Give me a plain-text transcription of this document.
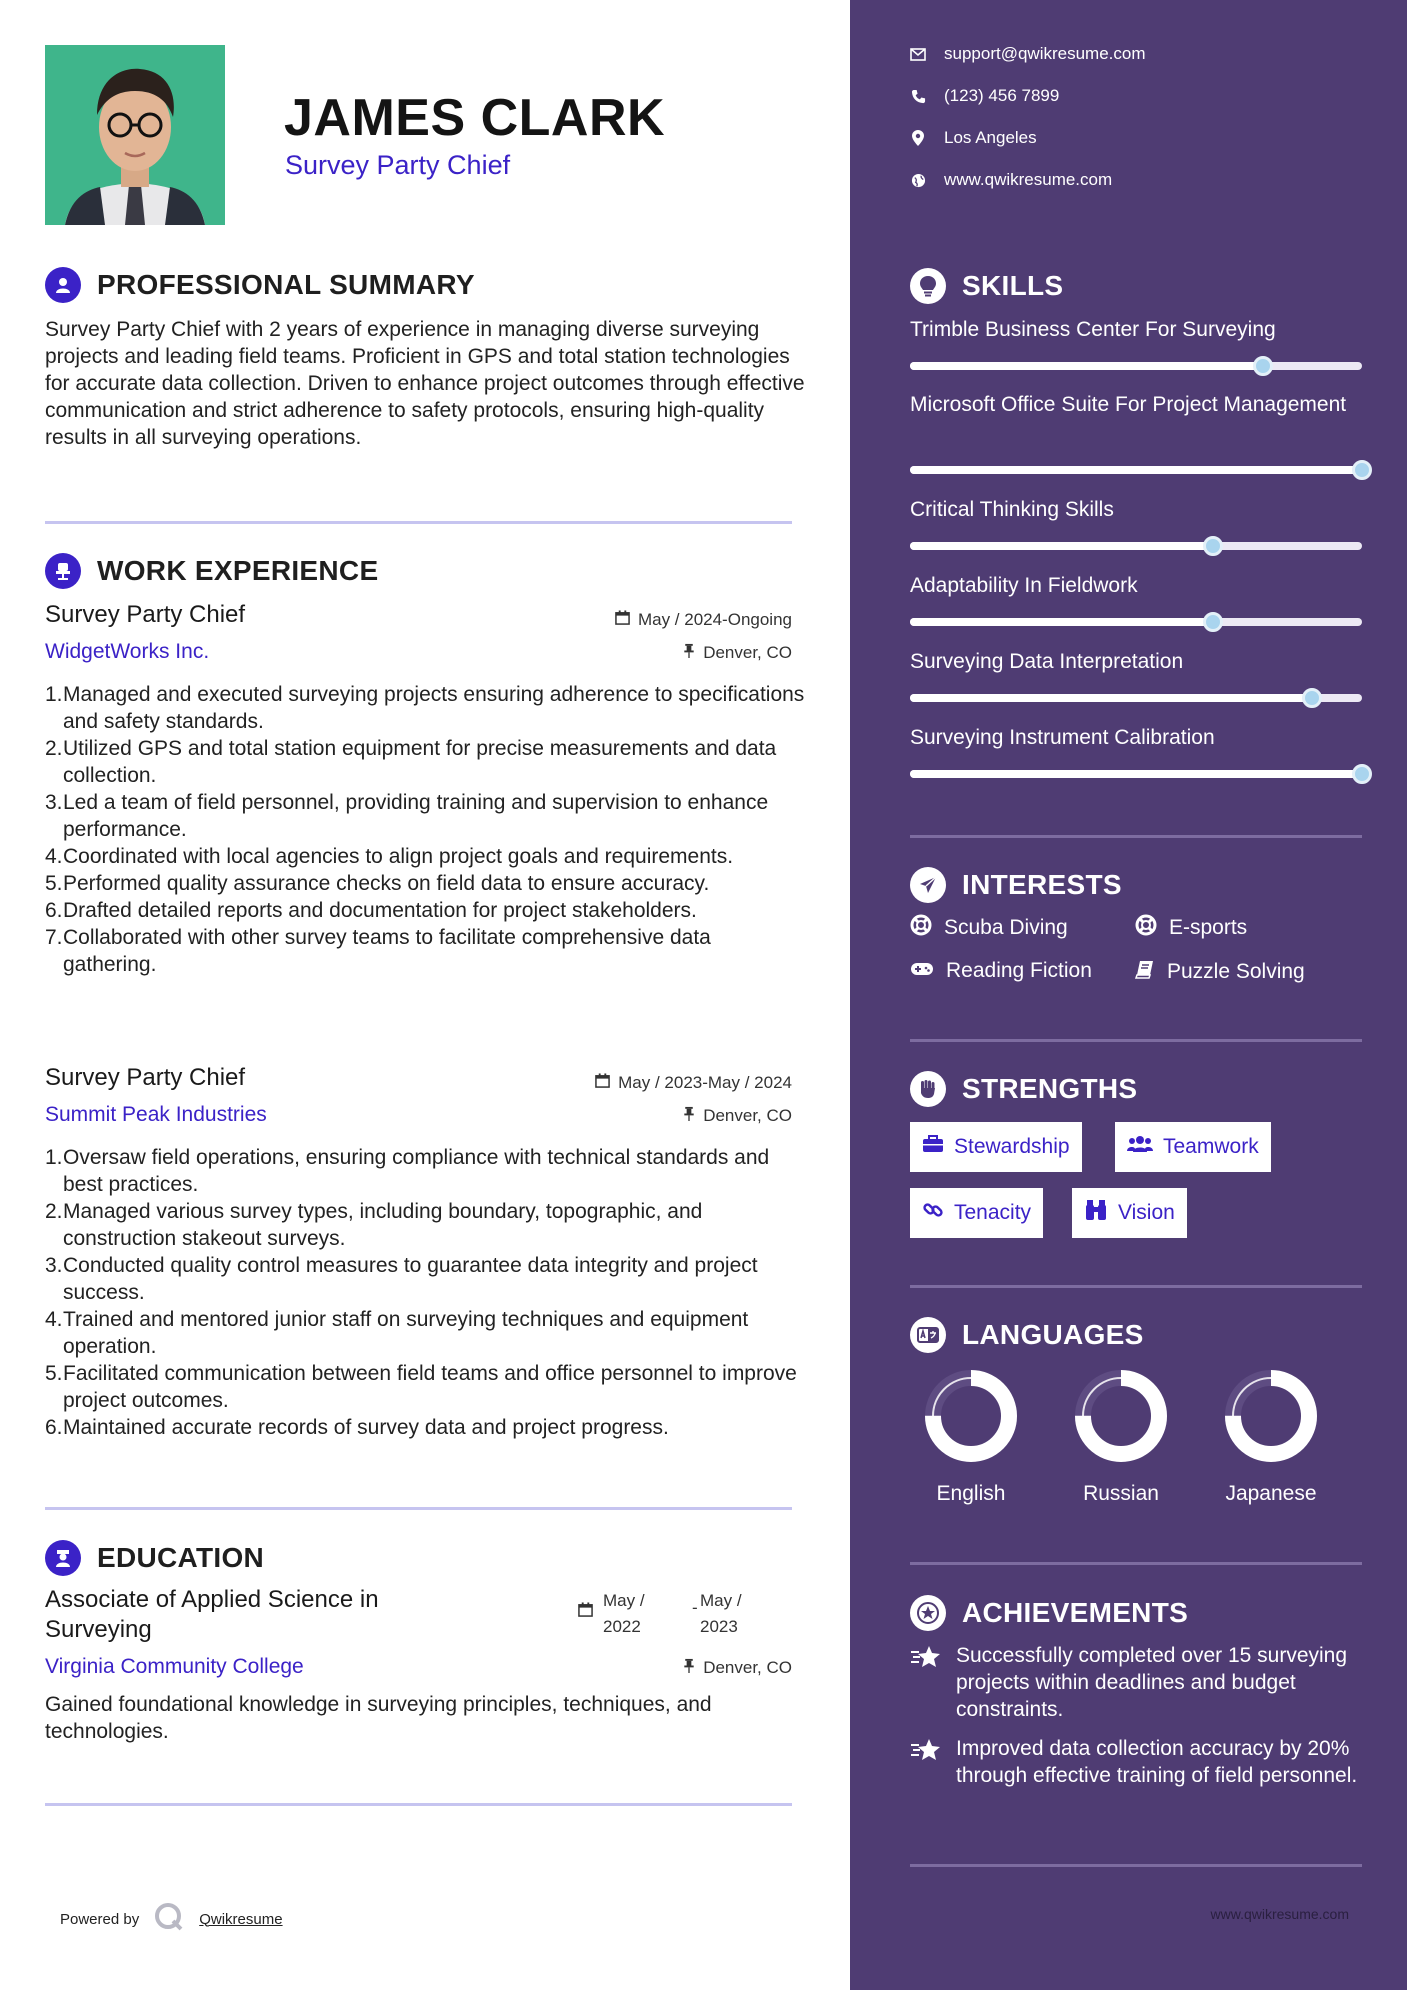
JAMES CLARK
Survey Party Chief
PROFESSIONAL SUMMARY
Survey Party Chief with 2 years of experience in managing diverse surveying projects and leading field teams. Proficient in GPS and total station technologies for accurate data collection. Driven to enhance project outcomes through effective communication and strict adherence to safety protocols, ensuring high-quality results in all surveying operations.
WORK EXPERIENCE
Survey Party Chief	May / 2024-Ongoing
WidgetWorks Inc.	Denver, CO
1. Managed and executed surveying projects ensuring adherence to specifications and safety standards.
2. Utilized GPS and total station equipment for precise measurements and data collection.
3. Led a team of field personnel, providing training and supervision to enhance performance.
4. Coordinated with local agencies to align project goals and requirements.
5. Performed quality assurance checks on field data to ensure accuracy.
6. Drafted detailed reports and documentation for project stakeholders.
7. Collaborated with other survey teams to facilitate comprehensive data gathering.
Survey Party Chief	May / 2023-May / 2024
Summit Peak Industries	Denver, CO
1. Oversaw field operations, ensuring compliance with technical standards and best practices.
2. Managed various survey types, including boundary, topographic, and construction stakeout surveys.
3. Conducted quality control measures to guarantee data integrity and project success.
4. Trained and mentored junior staff on surveying techniques and equipment operation.
5. Facilitated communication between field teams and office personnel to improve project outcomes.
6. Maintained accurate records of survey data and project progress.
EDUCATION
Associate of Applied Science in Surveying
May / 2022
- May / 2023
Virginia Community College	Denver, CO
Gained foundational knowledge in surveying principles, techniques, and technologies.
Powered by	Qwikresume
support@qwikresume.com
(123) 456 7899
Los Angeles
www.qwikresume.com
SKILLS
Trimble Business Center For Surveying
Microsoft Office Suite For Project Management
Critical Thinking Skills
Adaptability In Fieldwork
Surveying Data Interpretation
Surveying Instrument Calibration
INTERESTS
Scuba Diving	E-sports
Reading Fiction	Puzzle Solving
STRENGTHS
Stewardship	Teamwork
Tenacity	Vision
LANGUAGES
English	Russian	Japanese
ACHIEVEMENTS
Successfully completed over 15 surveying projects within deadlines and budget constraints.
Improved data collection accuracy by 20% through effective training of field personnel.
www.qwikresume.com
